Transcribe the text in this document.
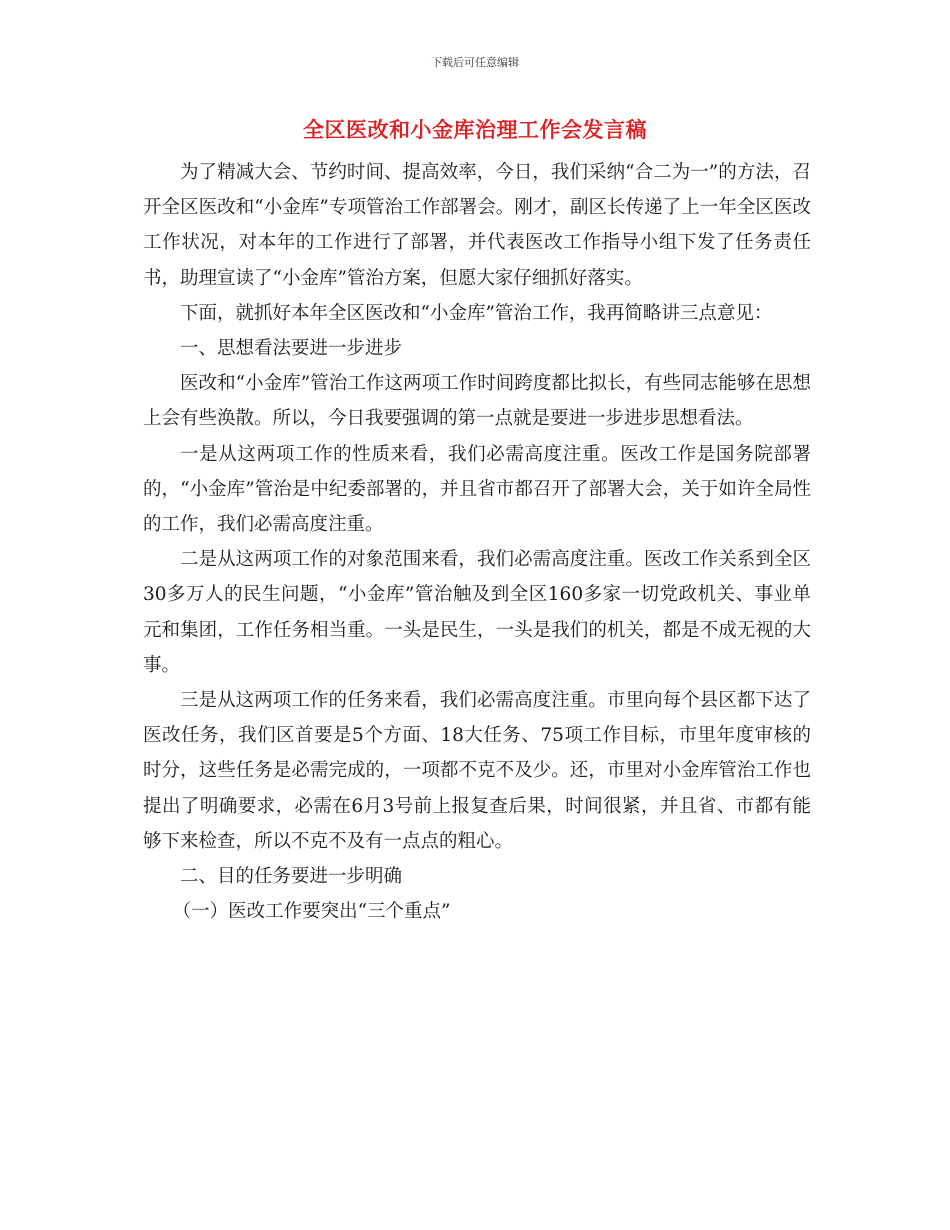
下载后可任意编辑
全区医改和小金库治理工作会发言稿

为了精减大会、节约时间、提高效率，今日，我们采纳“合二为一”的方法，召开全区医改和“小金库”专项管治工作部署会。刚才，副区长传递了上一年全区医改工作状况，对本年的工作进行了部署，并代表医改工作指导小组下发了任务责任书，助理宣读了“小金库”管治方案，但愿大家仔细抓好落实。

下面，就抓好本年全区医改和“小金库”管治工作，我再简略讲三点意见：

一、思想看法要进一步进步

医改和“小金库”管治工作这两项工作时间跨度都比拟长，有些同志能够在思想上会有些涣散。所以，今日我要强调的第一点就是要进一步进步思想看法。

一是从这两项工作的性质来看，我们必需高度注重。医改工作是国务院部署的，“小金库”管治是中纪委部署的，并且省市都召开了部署大会，关于如许全局性的工作，我们必需高度注重。

二是从这两项工作的对象范围来看，我们必需高度注重。医改工作关系到全区30多万人的民生问题，“小金库”管治触及到全区160多家一切党政机关、事业单元和集团，工作任务相当重。一头是民生，一头是我们的机关，都是不成无视的大事。

三是从这两项工作的任务来看，我们必需高度注重。市里向每个县区都下达了医改任务，我们区首要是5个方面、18大任务、75项工作目标，市里年度审核的时分，这些任务是必需完成的，一项都不克不及少。还，市里对小金库管治工作也提出了明确要求，必需在6月3号前上报复查后果，时间很紧，并且省、市都有能够下来检查，所以不克不及有一点点的粗心。

二、目的任务要进一步明确

（一）医改工作要突出“三个重点”
